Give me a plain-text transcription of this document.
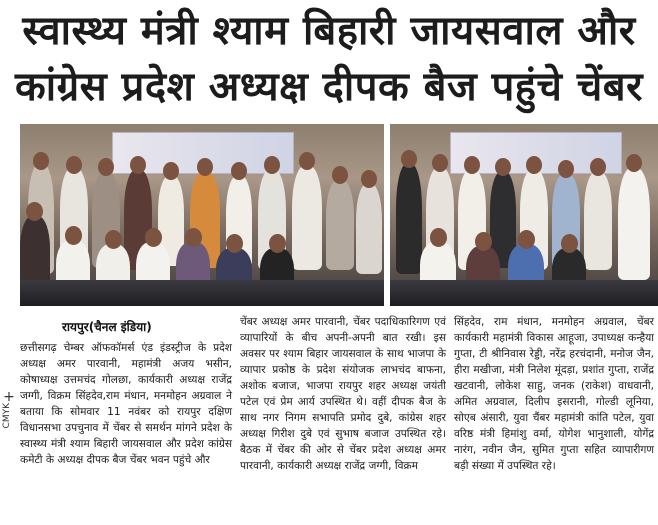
स्वास्थ्य मंत्री श्याम बिहारी जायसवाल और
कांग्रेस प्रदेश अध्यक्ष दीपक बैज पहुंचे चेंबर
+
CMYK
रायपुर(चैनल इंडिया)

छत्तीसगढ़ चेम्बर ऑफकॉमर्स एंड इंडस्ट्रीज के प्रदेश अध्यक्ष अमर पारवानी, महामंत्री अजय भसीन, कोषाध्यक्ष उत्तमचंद गोलछा, कार्यकारी अध्यक्ष राजेंद्र जग्गी, विक्रम सिंहदेव,राम मंधान, मनमोहन अग्रवाल ने बताया कि सोमवार 11 नवंबर को रायपुर दक्षिण विधानसभा उपचुनाव में चेंबर से समर्थन मांगने प्रदेश के स्वास्थ्य मंत्री श्याम बिहारी जायसवाल और प्रदेश कांग्रेस कमेटी के अध्यक्ष दीपक बैज चेंबर भवन पहुंचे और

चेंबर अध्यक्ष अमर पारवानी, चेंबर पदाधिकारिगण एवं व्यापारियों के बीच अपनी-अपनी बात रखी। इस अवसर पर श्याम बिहार जायसवाल के साथ भाजपा के व्यापार प्रकोष्ठ के प्रदेश संयोजक लाभचंद बाफना, अशोक बजाज, भाजपा रायपुर शहर अध्यक्ष जयंती पटेल एवं प्रेम आर्य उपस्थित थे। वहीं दीपक बैज के साथ नगर निगम सभापति प्रमोद दुबे, कांग्रेस शहर अध्यक्ष गिरीश दुबे एवं सुभाष बजाज उपस्थित रहे। बैठक में चेंबर की ओर से चेंबर प्रदेश अध्यक्ष अमर पारवानी, कार्यकारी अध्यक्ष राजेंद्र जग्गी, विक्रम

सिंहदेव, राम मंधान, मनमोहन अग्रवाल, चेंबर कार्यकारी महामंत्री विकास आहूजा, उपाध्यक्ष कन्हैया गुप्ता, टी श्रीनिवास रेड्डी, नरेंद्र हरचंदानी, मनोज जैन, हीरा मखीजा, मंत्री निलेश मूंदड़ा, प्रशांत गुप्ता, राजेंद्र खटवानी, लोकेश साहु, जनक (राकेश) वाधवानी, अमित अग्रवाल, दिलीप इसरानी, गोल्डी लूनिया, सोएब अंसारी, युवा चैंबर महामंत्री कांति पटेल, युवा वरिष्ठ मंत्री हिमांशु वर्मा, योगेश भानुशाली, योगेंद्र नारंग, नवीन जैन, सुमित गुप्ता सहित व्यापारीगण बड़ी संख्या में उपस्थित रहे।
